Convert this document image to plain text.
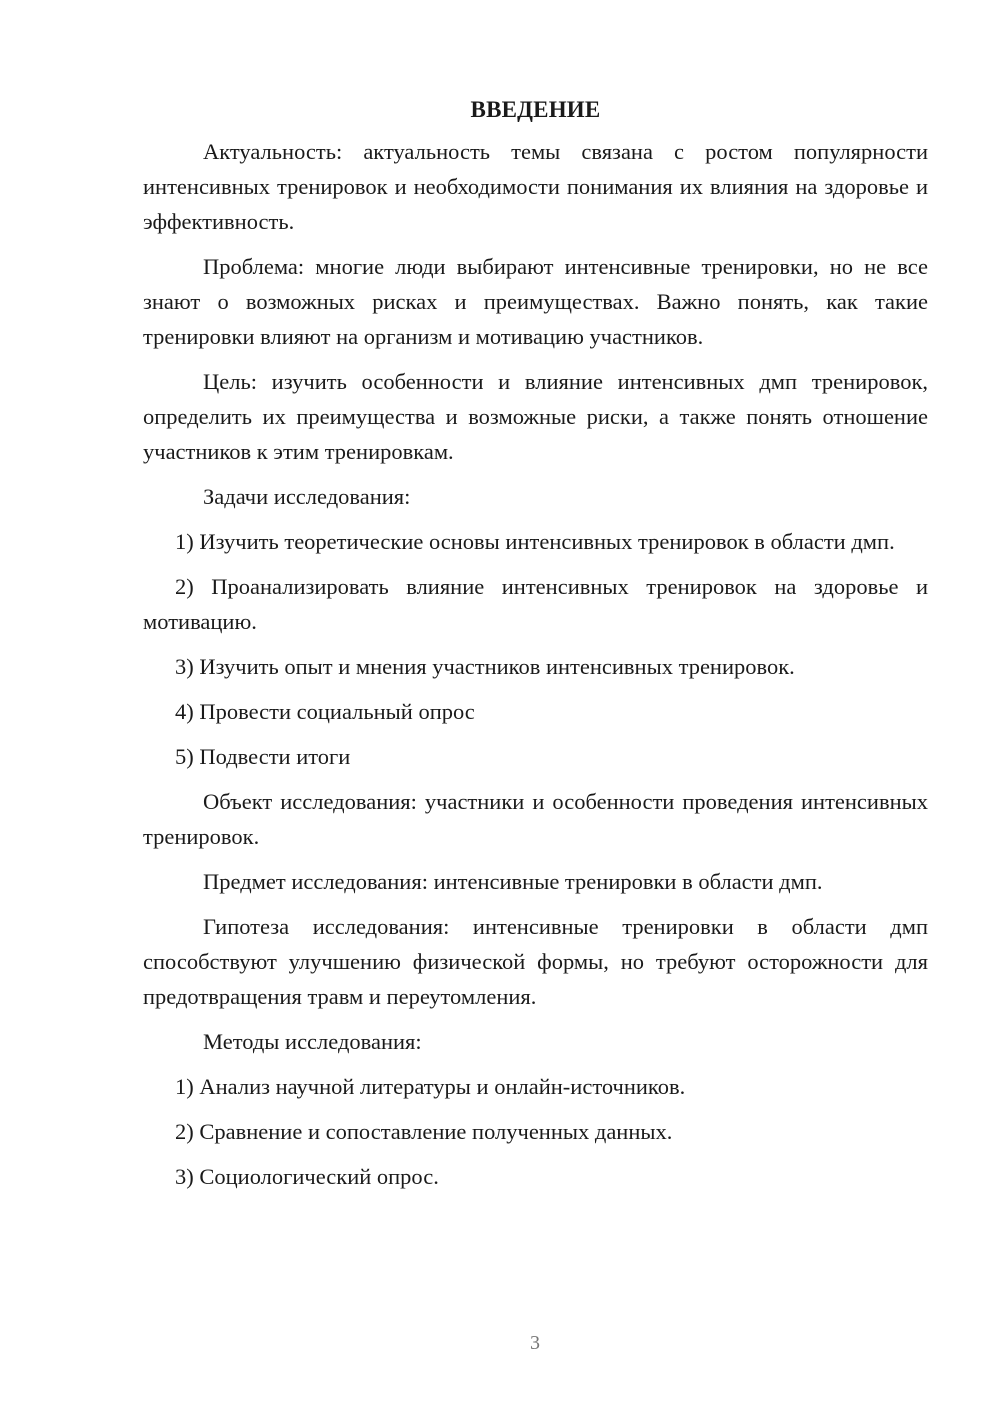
ВВЕДЕНИЕ

Актуальность: актуальность темы связана с ростом популярности интенсивных тренировок и необходимости понимания их влияния на здоровье и эффективность.

Проблема: многие люди выбирают интенсивные тренировки, но не все знают о возможных рисках и преимуществах. Важно понять, как такие тренировки влияют на организм и мотивацию участников.

Цель: изучить особенности и влияние интенсивных дмп тренировок, определить их преимущества и возможные риски, а также понять отношение участников к этим тренировкам.

Задачи исследования:

1) Изучить теоретические основы интенсивных тренировок в области дмп.

2) Проанализировать влияние интенсивных тренировок на здоровье и мотивацию.

3) Изучить опыт и мнения участников интенсивных тренировок.

4) Провести социальный опрос

5) Подвести итоги

Объект исследования: участники и особенности проведения интенсивных тренировок.

Предмет исследования: интенсивные тренировки в области дмп.

Гипотеза исследования: интенсивные тренировки в области дмп способствуют улучшению физической формы, но требуют осторожности для предотвращения травм и переутомления.

Методы исследования:

1) Анализ научной литературы и онлайн-источников.

2) Сравнение и сопоставление полученных данных.

3) Социологический опрос.

3
